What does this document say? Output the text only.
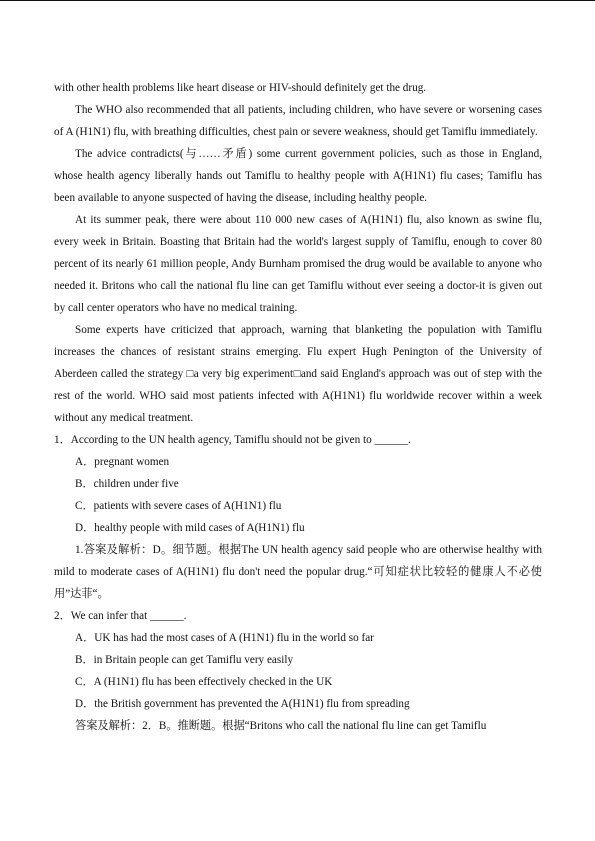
with other health problems like heart disease or HIV-should definitely get the drug.

The WHO also recommended that all patients, including children, who have severe or worsening cases of A (H1N1) flu, with breathing difficulties, chest pain or severe weakness, should get Tamiflu immediately.

The advice contradicts(与……矛盾) some current government policies, such as those in England, whose health agency liberally hands out Tamiflu to healthy people with A(H1N1) flu cases; Tamiflu has been available to anyone suspected of having the disease, including healthy people.

At its summer peak, there were about 110 000 new cases of A(H1N1) flu, also known as swine flu, every week in Britain. Boasting that Britain had the world's largest supply of Tamiflu, enough to cover 80 percent of its nearly 61 million people, Andy Burnham promised the drug would be available to anyone who needed it. Britons who call the national flu line can get Tamiflu without ever seeing a doctor-it is given out by call center operators who have no medical training.

Some experts have criticized that approach, warning that blanketing the population with Tamiflu increases the chances of resistant strains emerging. Flu expert Hugh Penington of the University of Aberdeen called the strategy □a very big experiment□and said England's approach was out of step with the rest of the world. WHO said most patients infected with A(H1N1) flu worldwide recover within a week without any medical treatment.

1．According to the UN health agency, Tamiflu should not be given to ______.

A．pregnant women

B．children under five

C．patients with severe cases of A(H1N1) flu

D．healthy people with mild cases of A(H1N1) flu

1.答案及解析：D。细节题。根据The UN health agency said people who are otherwise healthy with mild to moderate cases of A(H1N1) flu don't need the popular drug.“可知症状比较轻的健康人不必使用”达菲“。

2．We can infer that ______.

A．UK has had the most cases of A (H1N1) flu in the world so far

B．in Britain people can get Tamiflu very easily

C．A (H1N1) flu has been effectively checked in the UK

D．the British government has prevented the A(H1N1) flu from spreading

答案及解析：2．B。推断题。根据“Britons who call the national flu line can get Tamiflu
